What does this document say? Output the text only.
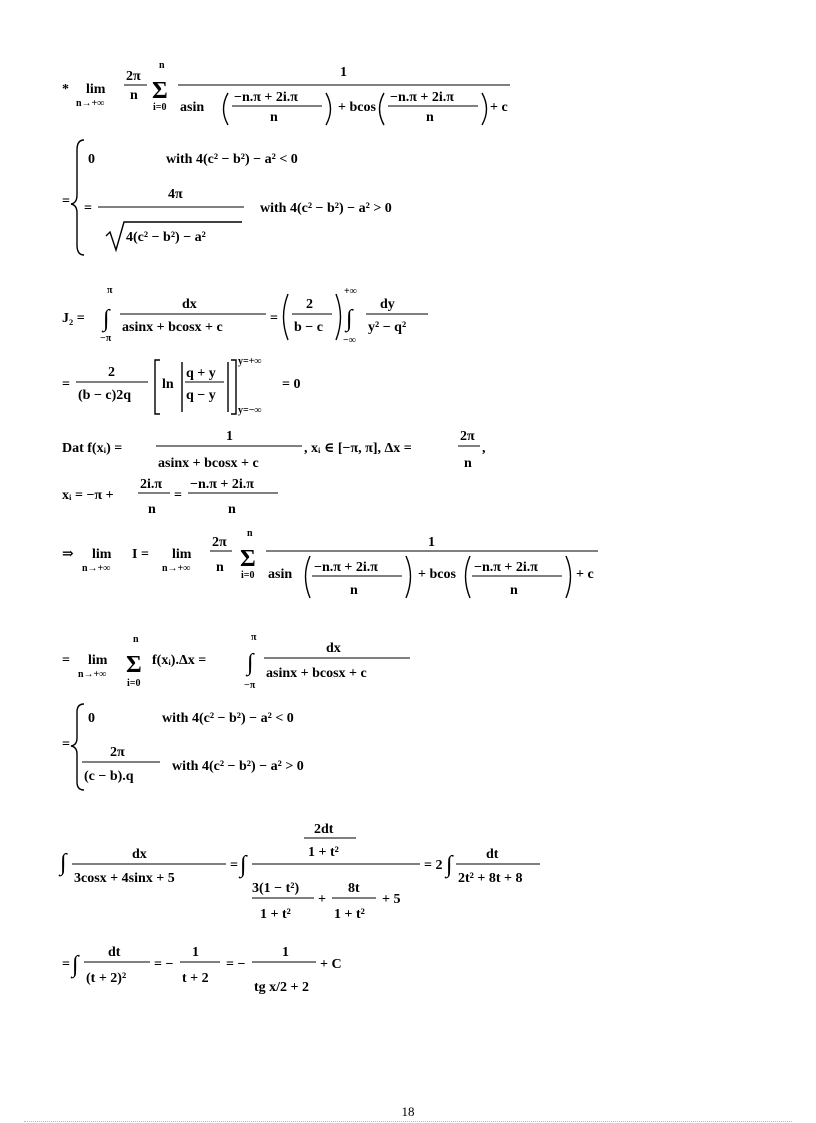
* lim
n→+∞
2π
n
n
Σ
i=0
1
asin
−n.π + 2i.π
n
+ bcos
−n.π + 2i.π
n
+ c
=
0	with 4(c² − b²) − a² < 0
=
4π
4(c² − b²) − a²
with 4(c² − b²) − a² > 0
J₂ =
π
∫
−π
dx
asinx + bcosx + c
=
2
b − c
+∞
∫
−∞
dy
y² − q²
=
2
(b − c)2q
ln
q + y
q − y
y=+∞
y=−∞
= 0
Dat f(xᵢ) =
1
asinx + bcosx + c
, xᵢ ∈ [−π, π], Δx =
2π
n
,
xᵢ = −π +
2i.π
n
=
−n.π + 2i.π
n
⇒ lim
n→+∞
I = lim
n→+∞
2π
n
n
Σ
i=0
1
asin −n.π + 2i.π
n
+ bcos −n.π + 2i.π
n
+ c
= lim
n→+∞
n
Σ
i=0
f(xᵢ).Δx =
π
∫
−π
dx
asinx + bcosx + c
=
0	with 4(c² − b²) − a² < 0
2π
(c − b).q
with 4(c² − b²) − a² > 0
∫	dx
3cosx + 4sinx + 5
= ∫
2dt
1 + t²
3(1 − t²)
1 + t²
+
8t
1 + t²
+ 5
= 2 ∫ dt
2t² + 8t + 8
= ∫ dt
(t + 2)²
= −
1
t + 2
= −
1
tg x/2 + 2
+ C
18
